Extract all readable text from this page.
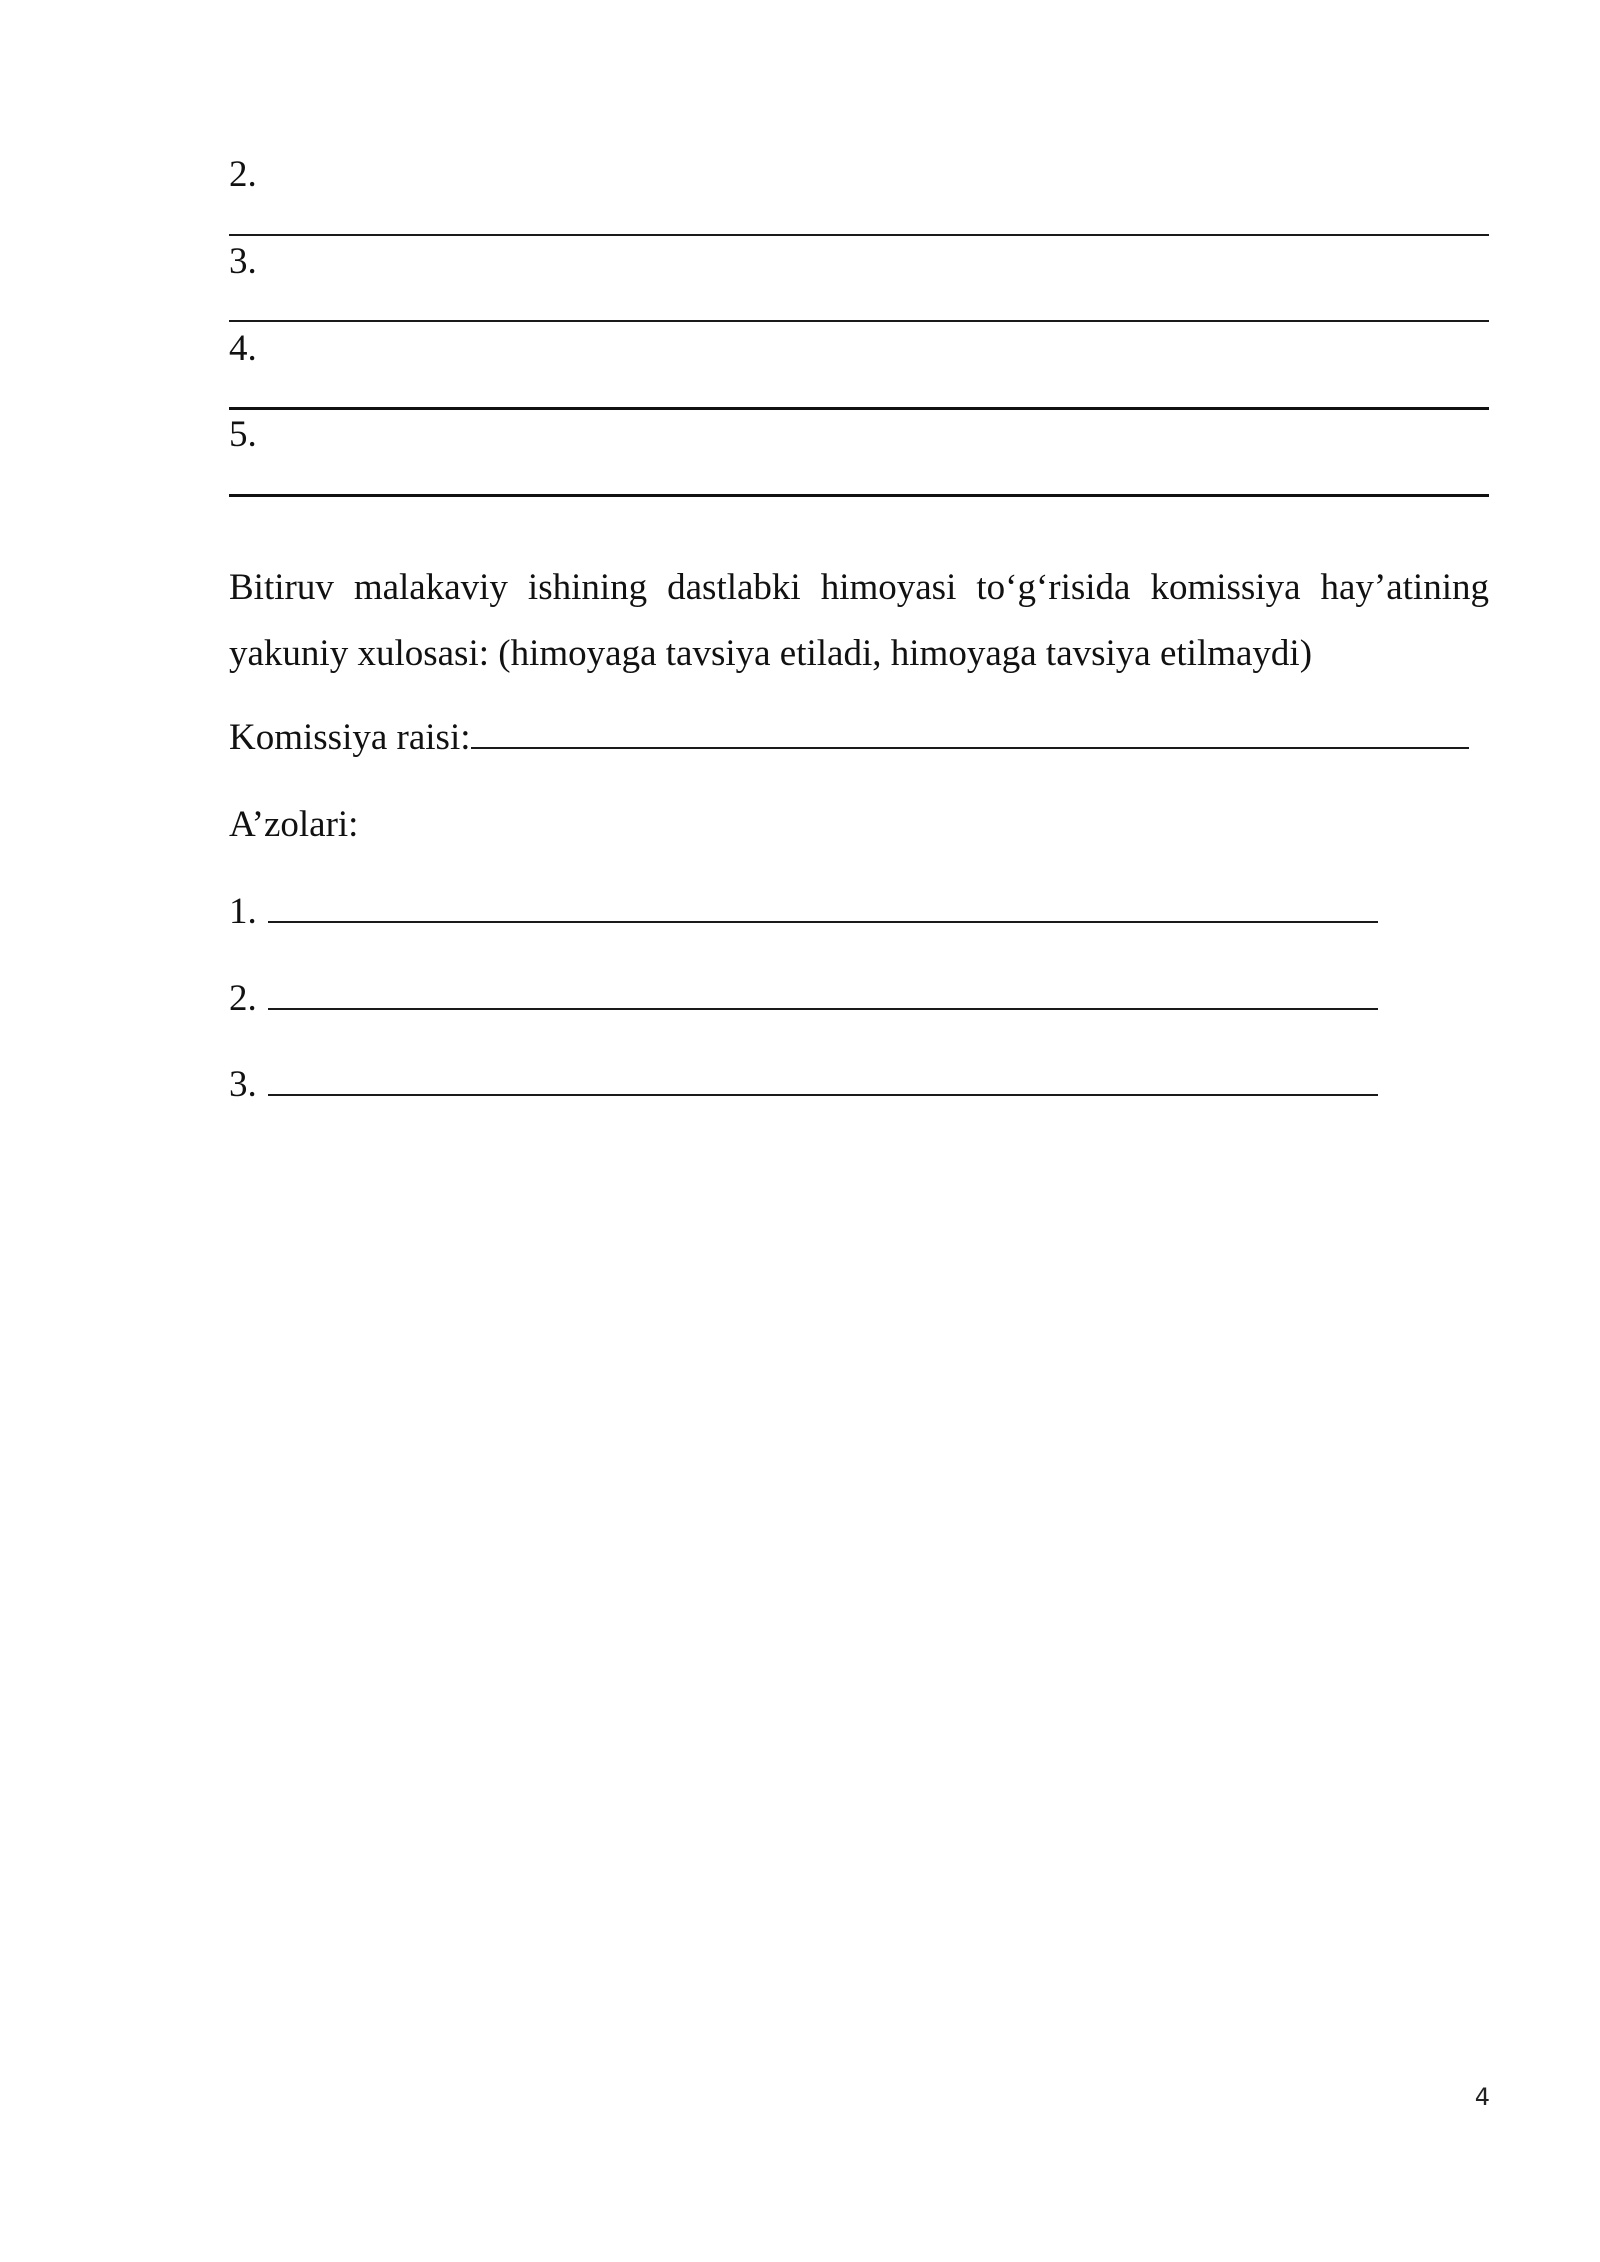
2.
3.
4.
5.
Bitiruv malakaviy ishining dastlabki himoyasi to‘g‘risida komissiya hay’atining
yakuniy xulosasi: (himoyaga tavsiya etiladi, himoyaga tavsiya etilmaydi)
Komissiya raisi:
A’zolari:
1.
2.
3.
4
